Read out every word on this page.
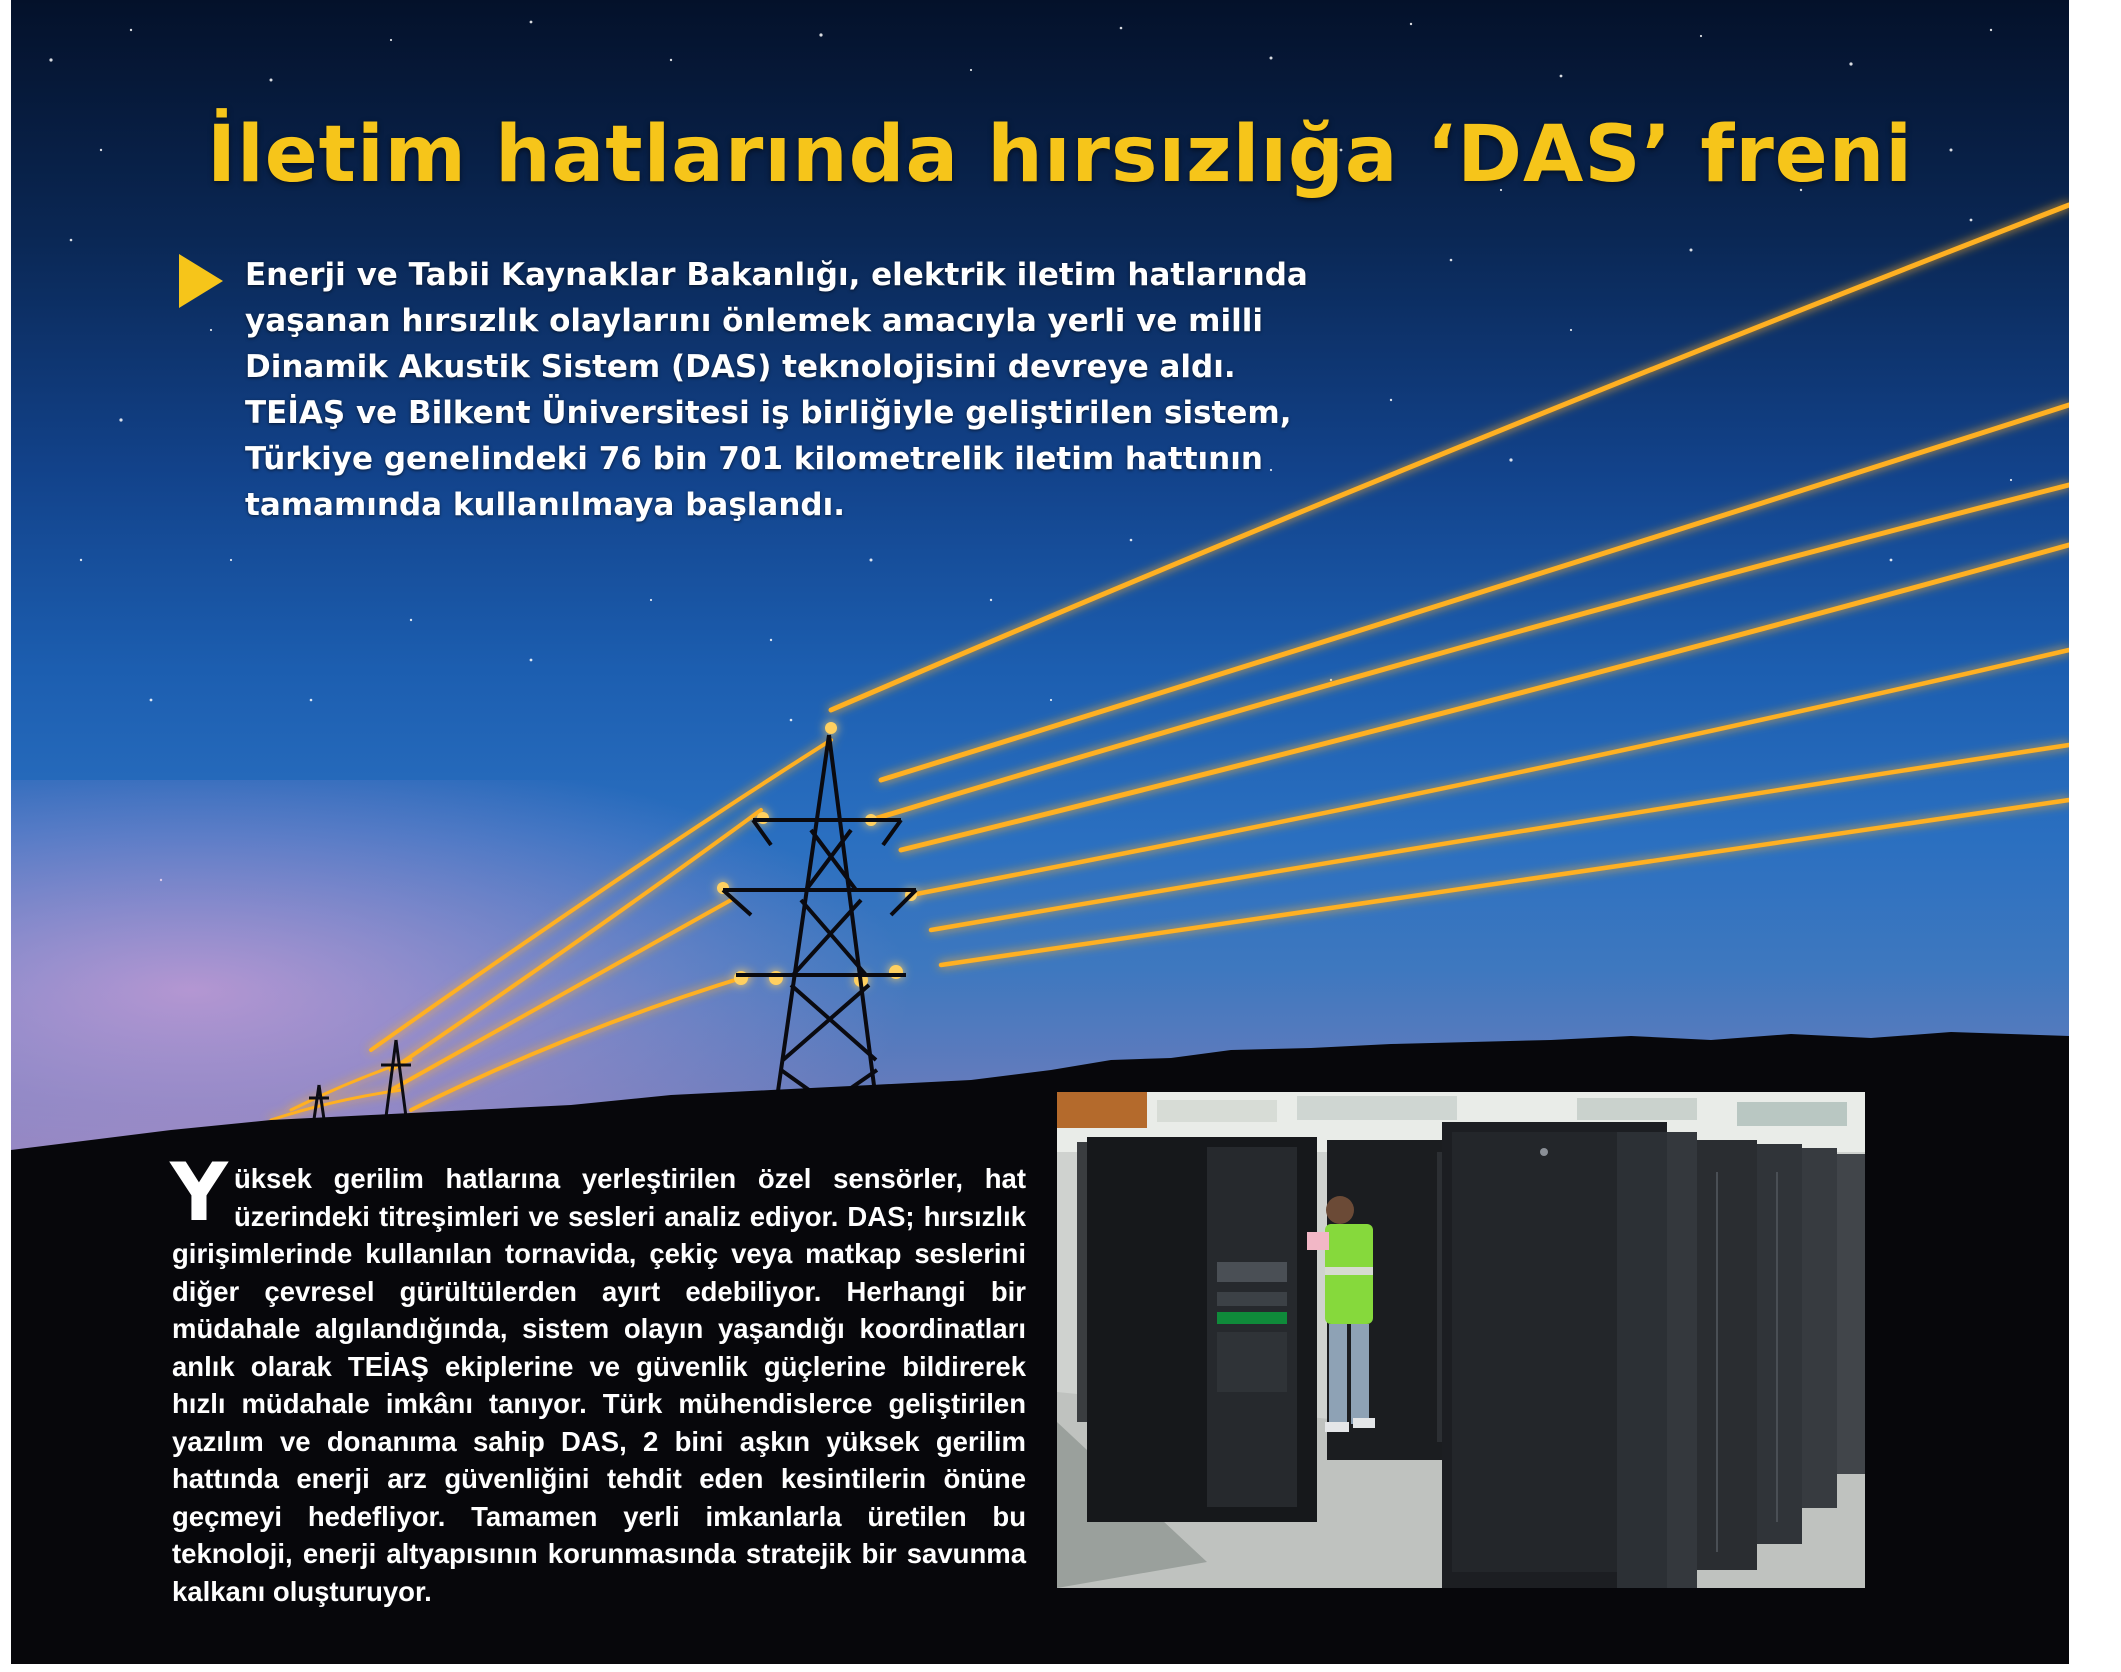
İletim hatlarında hırsızlığa ‘DAS’ freni

Enerji ve Tabii Kaynaklar Bakanlığı, elektrik iletim hatlarında yaşanan hırsızlık olaylarını önlemek amacıyla yerli ve milli Dinamik Akustik Sistem (DAS) teknolojisini devreye aldı. TEİAŞ ve Bilkent Üniversitesi iş birliğiyle geliştirilen sistem, Türkiye genelindeki 76 bin 701 kilometrelik iletim hattının tamamında kullanılmaya başlandı.

Yüksek gerilim hatlarına yerleştirilen özel sensörler, hat üzerindeki titreşimleri ve sesleri analiz ediyor. DAS; hırsızlık girişimlerinde kullanılan tornavida, çekiç veya matkap seslerini diğer çevresel gürültülerden ayırt edebiliyor. Herhangi bir müdahale algılandığında, sistem olayın yaşandığı koordinatları anlık olarak TEİAŞ ekiplerine ve güvenlik güçlerine bildirerek hızlı müdahale imkânı tanıyor. Türk mühendislerce geliştirilen yazılım ve donanıma sahip DAS, 2 bini aşkın yüksek gerilim hattında enerji arz güvenliğini tehdit eden kesintilerin önüne geçmeyi hedefliyor. Tamamen yerli imkanlarla üretilen bu teknoloji, enerji altyapısının korunmasında stratejik bir savunma kalkanı oluşturuyor.
